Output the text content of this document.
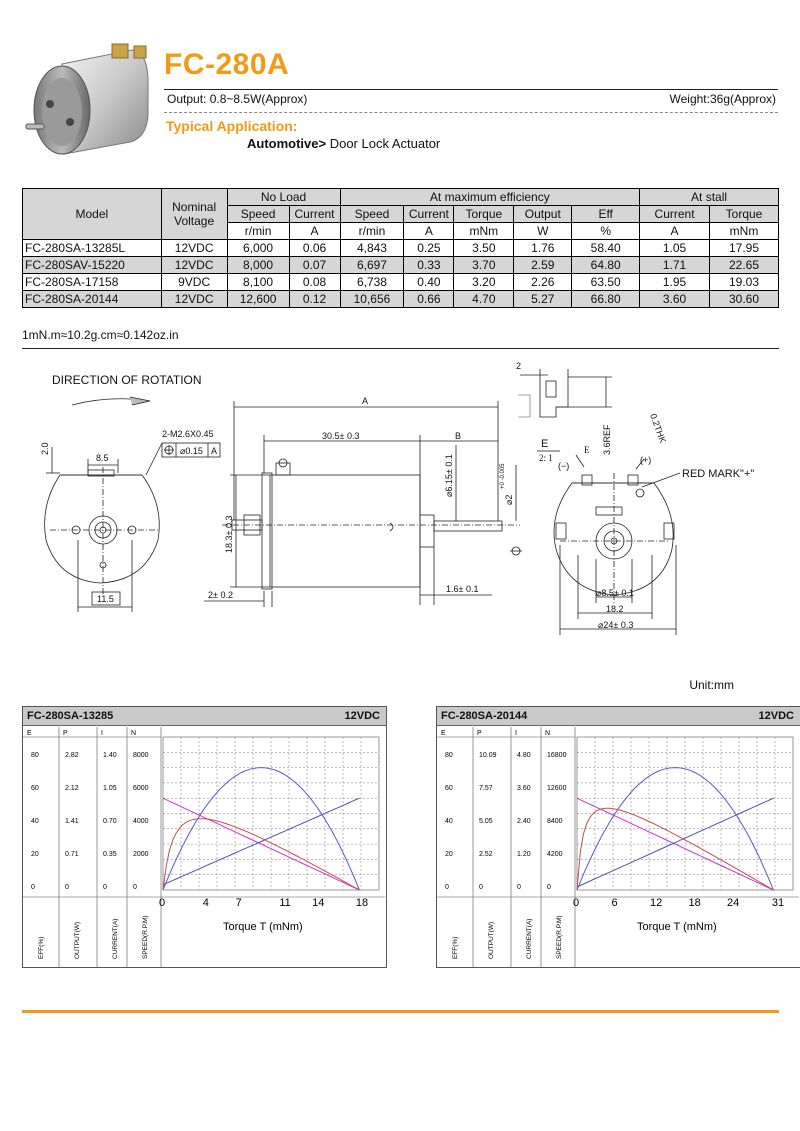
FC-280A
Output: 0.8~8.5W(Approx)	Weight:36g(Approx)
Typical Application:
Automotive> Door Lock Actuator
Model	Nominal
Voltage	No Load		At maximum efficiency					At stall	
		Speed	Current	Speed	Current	Torque	Output	Eff	Current	Torque
		r/min	A	r/min	A	mNm	W	%	A	mNm
FC-280SA-13285L	12VDC	6,000	0.06	4,843	0.25	3.50	1.76	58.40	1.05	17.95
FC-280SAV-15220	12VDC	8,000	0.07	6,697	0.33	3.70	2.59	64.80	1.71	22.65
FC-280SA-17158	9VDC	8,100	0.08	6,738	0.40	3.20	2.26	63.50	1.95	19.03
FC-280SA-20144	12VDC	12,600	0.12	10,656	0.66	4.70	5.27	66.80	3.60	30.60
1mN.m≈10.2g.cm≈0.142oz.in
DIRECTION OF ROTATION
2-M2.6X0.45
⌀0.15 A
2.0
8.5
11.5
A
30.5± 0.3	B
18.3± 0.3
⌀6.15± 0.1
⌀2
+0 -0.005
2± 0.2
1.6± 0.1
E
2: 1
E
2
3.6REF	0.2THK
(−)
(+)
RED MARK"+"
⌀8.5± 0.1
18.2
⌀24± 0.3
Unit:mm
FC-280SA-13285	12VDC
E	P	I	N
80	2.82	1.40 8000
60	2.12	1.05 6000
40	1.41	0.70 4000
20	0.71	0.35 2000
0	0	0	0
EFF(%)	OUTPUT(W)	CURRENT(A)	SPEED(R.P.M)
0	4 7	11 14	18
Torque T (mNm)
FC-280SA-20144	12VDC
E	P	I	N
80	10.09	4.80 16800
60	7.57	3.60 12600
40	5.05	2.40 8400
20	2.52	1.20 4200
0	0	0	0
EFF(%)	OUTPUT(W)	CURRENT(A)	SPEED(R.P.M)
0	6	12 18 24	31
Torque T (mNm)
